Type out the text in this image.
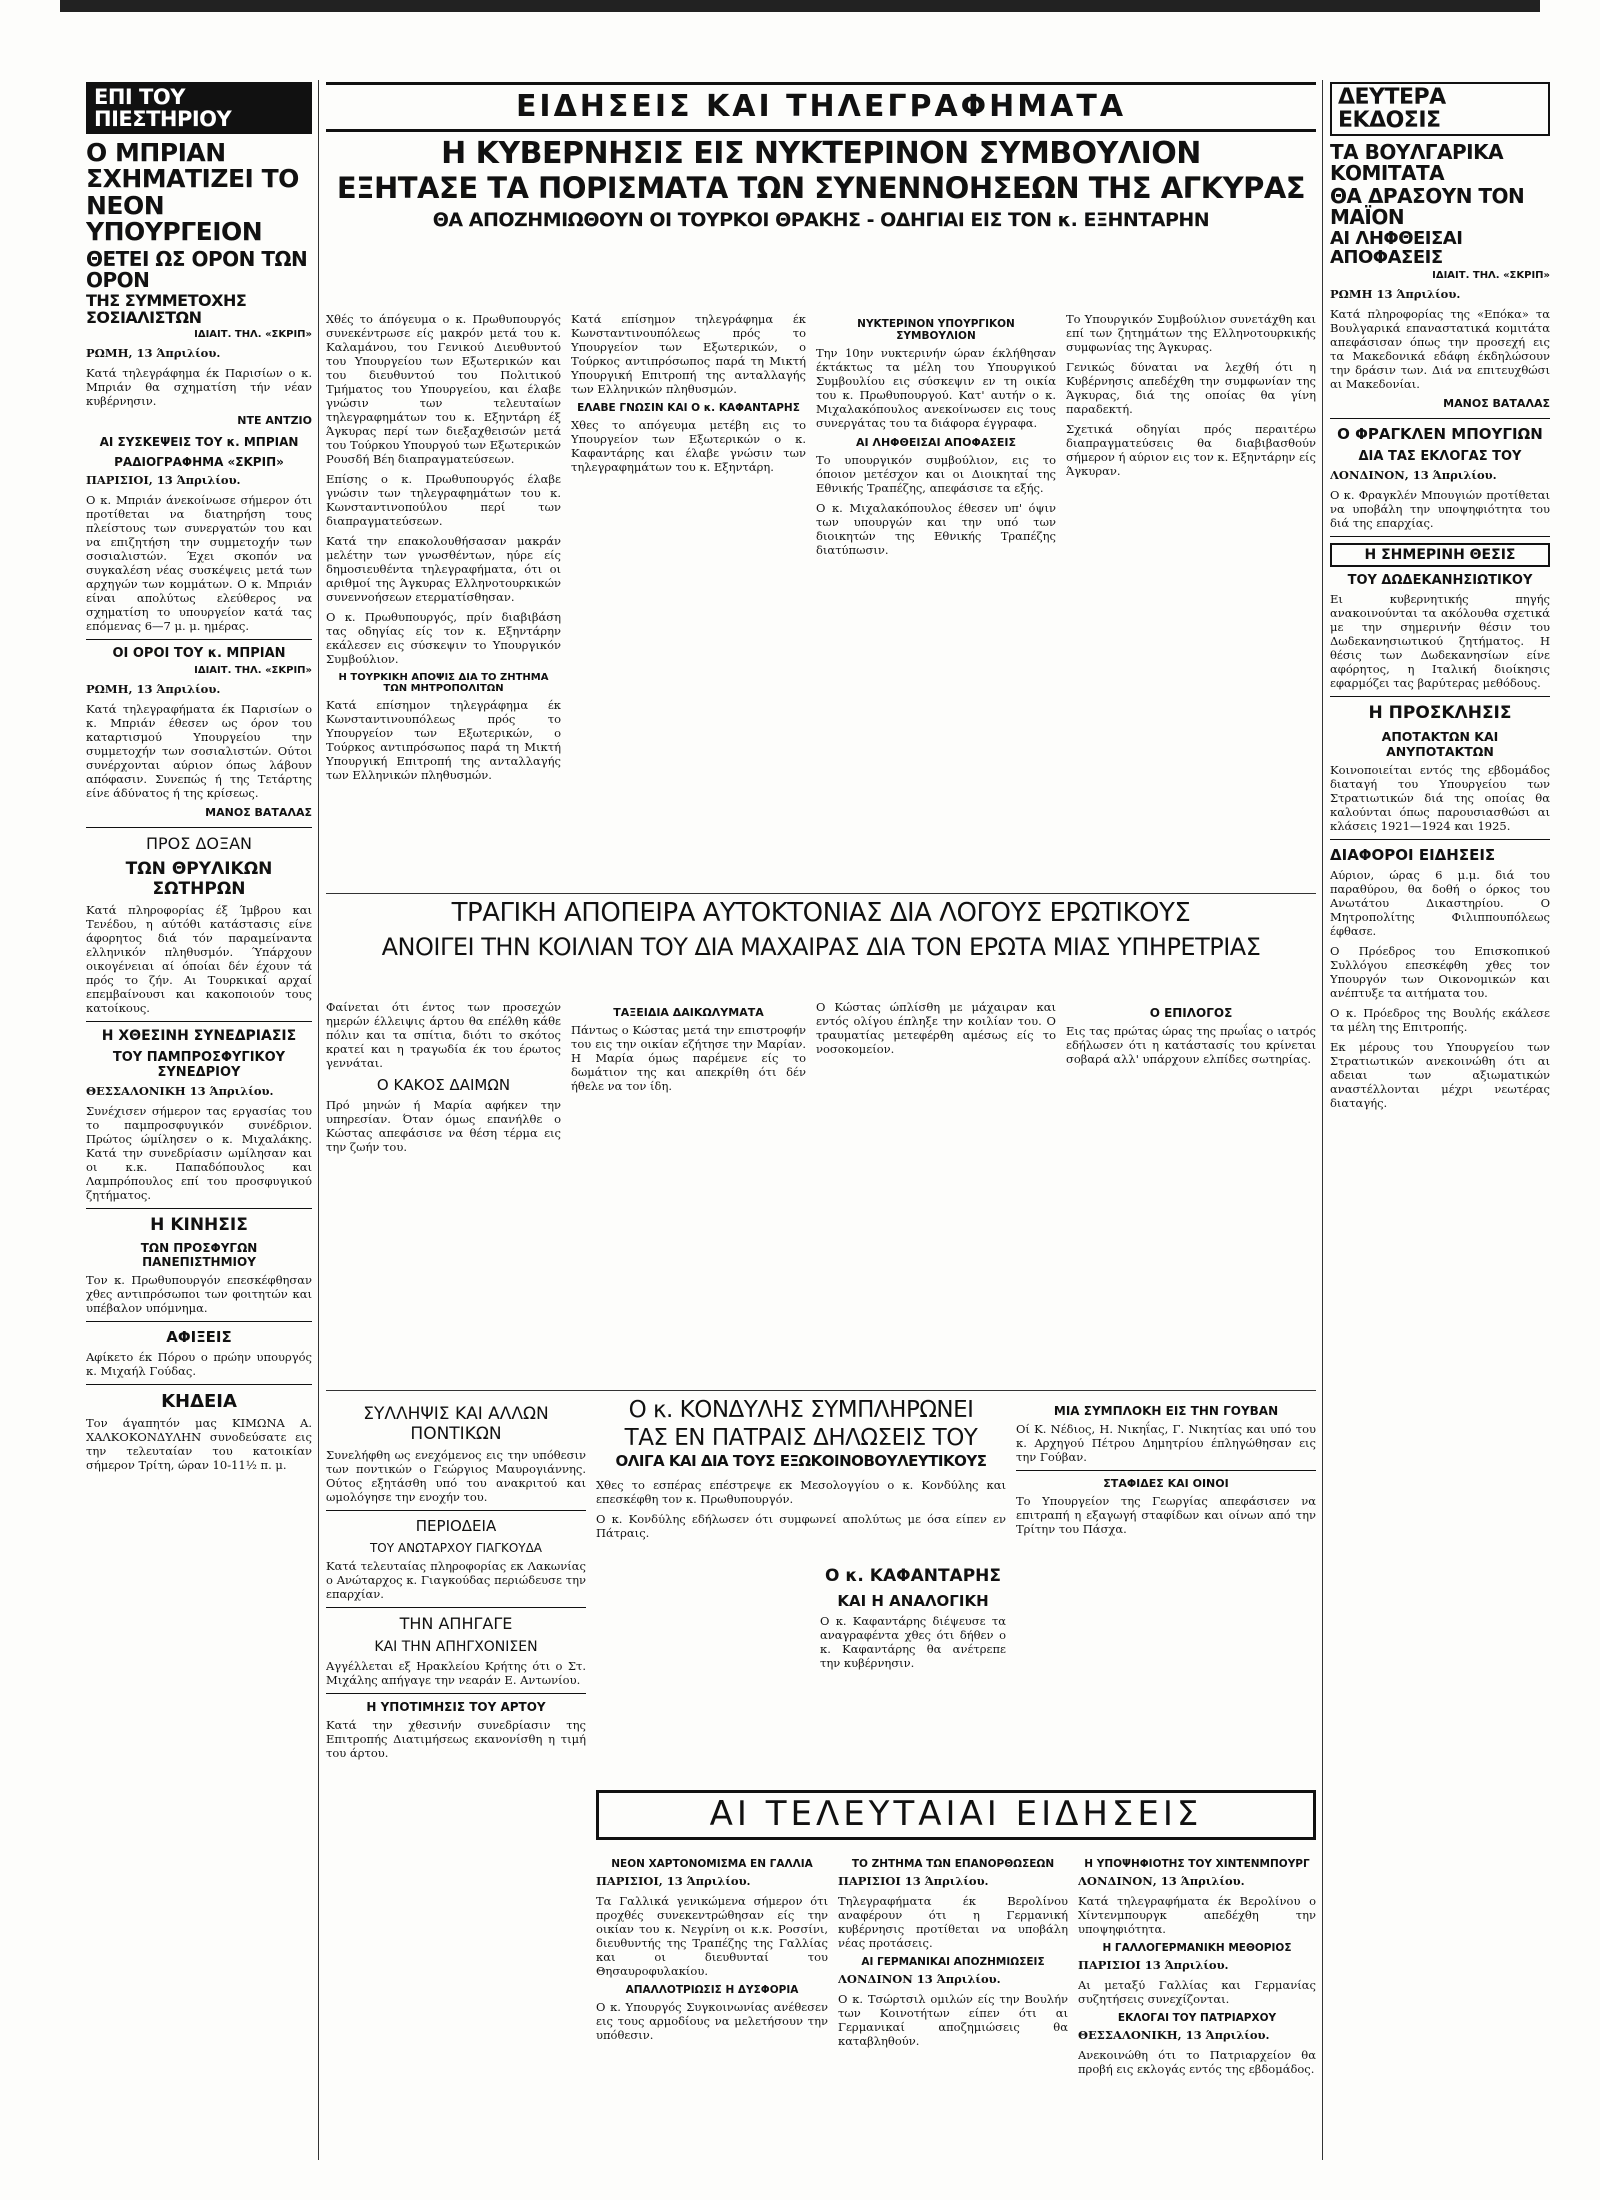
ΕΠΙ ΤΟΥ ΠΙΕΣΤΗΡΙΟΥ
Ο ΜΠΡΙΑΝ ΣΧΗΜΑΤΙΖΕΙ ΤΟ ΝΕΟΝ ΥΠΟΥΡΓΕΙΟΝ
ΘΕΤΕΙ ΩΣ ΟΡΟΝ ΤΩΝ ΟΡΟΝ
ΤΗΣ ΣΥΜΜΕΤΟΧΗΣ ΣΟΣΙΑΛΙΣΤΩΝ
ΙΔΙΑΙΤ. ΤΗΛ. «ΣΚΡΙΠ»

ΡΩΜΗ, 13 Άπριλίου.

Κατά τηλεγράφημα έκ Παρισίων ο κ. Μπριάν θα σχηματίση τήν νέαν κυβέρνησιν.

ΝΤΕ ΑΝΤΖΙΟ
ΑΙ ΣΥΣΚΕΨΕΙΣ ΤΟΥ κ. ΜΠΡΙΑΝ
ΡΑΔΙΟΓΡΑΦΗΜΑ «ΣΚΡΙΠ»

ΠΑΡΙΣΙΟΙ, 13 Άπριλίου.

Ο κ. Μπριάν άνεκοίνωσε σήμερον ότι προτίθεται να διατηρήση τους πλείστους των συνεργατών του και να επιζητήση την συμμετοχήν των σοσιαλιστών. Έχει σκοπόν να συγκαλέση νέας συσκέψεις μετά των αρχηγών των κομμάτων. Ο κ. Μπριάν είναι απολύτως ελεύθερος να σχηματίση το υπουργείον κατά τας επόμενας 6—7 μ. μ. ημέρας.

ΟΙ ΟΡΟΙ ΤΟΥ κ. ΜΠΡΙΑΝ
ΙΔΙΑΙΤ. ΤΗΛ. «ΣΚΡΙΠ»

ΡΩΜΗ, 13 Άπριλίου.

Κατά τηλεγραφήματα έκ Παρισίων ο κ. Μπριάν έθεσεν ως όρον του καταρτισμού Υπουργείου την συμμετοχήν των σοσιαλιστών. Ούτοι συνέρχονται αύριον όπως λάβουν απόφασιν. Συνεπώς ή της Τετάρτης είνε άδύνατος ή της κρίσεως.

ΜΑΝΟΣ ΒΑΤΑΛΑΣ
ΠΡΟΣ ΔΟΞΑΝ
ΤΩΝ ΘΡΥΛΙΚΩΝ ΣΩΤΗΡΩΝ

Κατά πληροφορίας έξ Ίμβρου και Τενέδου, η αύτόθι κατάστασις είνε άφορητος διά τόν παραμείναντα ελληνικόν πληθυσμόν. Ύπάρχουν οικογένειαι αί όποίαι δέν έχουν τά πρός το ζήν. Αι Τουρκικαί αρχαί επεμβαίνουσι και κακοποιούν τους κατοίκους.

Η ΧΘΕΣΙΝΗ ΣΥΝΕΔΡΙΑΣΙΣ
ΤΟΥ ΠΑΜΠΡΟΣΦΥΓΙΚΟΥ ΣΥΝΕΔΡΙΟΥ

ΘΕΣΣΑΛΟΝΙΚΗ 13 Άπριλίου.

Συνέχισεν σήμερον τας εργασίας του το παμπροσφυγικόν συνέδριον. Πρώτος ώμίλησεν ο κ. Μιχαλάκης. Κατά την συνεδρίασιν ωμίλησαν και οι κ.κ. Παπαδόπουλος και Λαμπρόπουλος επί του προσφυγικού ζητήματος.

Η ΚΙΝΗΣΙΣ
ΤΩΝ ΠΡΟΣΦΥΓΩΝ ΠΑΝΕΠΙΣΤΗΜΙΟΥ

Τον κ. Πρωθυπουργόν επεσκέφθησαν χθες αντιπρόσωποι των φοιτητών και υπέβαλον υπόμνημα.

ΑΦΙΞΕΙΣ

Αφίκετο έκ Πόρου ο πρώην υπουργός κ. Μιχαήλ Γούδας.

ΚΗΔΕΙΑ

Τον άγαπητόν μας ΚΙΜΩΝΑ Α. ΧΑΛΚΟΚΟΝΔΥΛΗΝ συνοδεύσατε εις την τελευταίαν του κατοικίαν σήμερον Τρίτη, ώραν 10-11½ π. μ.

ΕΙΔΗΣΕΙΣ ΚΑΙ ΤΗΛΕΓΡΑΦΗΜΑΤΑ
Η ΚΥΒΕΡΝΗΣΙΣ ΕΙΣ ΝΥΚΤΕΡΙΝΟΝ ΣΥΜΒΟΥΛΙΟΝ
ΕΞΗΤΑΣΕ ΤΑ ΠΟΡΙΣΜΑΤΑ ΤΩΝ ΣΥΝΕΝΝΟΗΣΕΩΝ ΤΗΣ ΑΓΚΥΡΑΣ
ΘΑ ΑΠΟΖΗΜΙΩΘΟΥΝ ΟΙ ΤΟΥΡΚΟΙ ΘΡΑΚΗΣ - ΟΔΗΓΙΑΙ ΕΙΣ ΤΟΝ κ. ΕΞΗΝΤΑΡΗΝ

Χθές το άπόγευμα ο κ. Πρωθυπουργός συνεκέντρωσε είς μακρόν μετά του κ. Καλαμάνου, του Γενικού Διευθυντού του Υπουργείου των Εξωτερικών και του διευθυντού του Πολιτικού Τμήματος του Υπουργείου, και έλαβε γνώσιν των τελευταίων τηλεγραφημάτων του κ. Εξηντάρη έξ Άγκυρας περί των διεξαχθεισών μετά του Τούρκου Υπουργού των Εξωτερικών Ρουσδή Βέη διαπραγματεύσεων.

Επίσης ο κ. Πρωθυπουργός έλαβε γνώσιν των τηλεγραφημάτων του κ. Κωνσταντινοπούλου περί των διαπραγματεύσεων.

Κατά την επακολουθήσασαν μακράν μελέτην των γνωσθέντων, ηύρε είς δημοσιευθέντα τηλεγραφήματα, ότι οι αριθμοί της Άγκυρας Ελληνοτουρκικών συνεννοήσεων ετερματίσθησαν.

Ο κ. Πρωθυπουργός, πρίν διαβιβάση τας οδηγίας είς τον κ. Εξηντάρην εκάλεσεν εις σύσκεψιν το Υπουργικόν Συμβούλιον.

Η ΤΟΥΡΚΙΚΗ ΑΠΟΨΙΣ ΔΙΑ ΤΟ ΖΗΤΗΜΑ ΤΩΝ ΜΗΤΡΟΠΟΛΙΤΩΝ

Κατά επίσημον τηλεγράφημα έκ Κωνσταντινουπόλεως πρός το Υπουργείον των Εξωτερικών, ο Τούρκος αντιπρόσωπος παρά τη Μικτή Υπουργική Επιτροπή της ανταλλαγής των Ελληνικών πληθυσμών.

Κατά επίσημον τηλεγράφημα έκ Κωνσταντινουπόλεως πρός το Υπουργείον των Εξωτερικών, ο Τούρκος αντιπρόσωπος παρά τη Μικτή Υπουργική Επιτροπή της ανταλλαγής των Ελληνικών πληθυσμών.

ΕΛΑΒΕ ΓΝΩΣΙΝ ΚΑΙ Ο κ. ΚΑΦΑΝΤΑΡΗΣ

Χθες το απόγευμα μετέβη εις το Υπουργείον των Εξωτερικών ο κ. Καφαντάρης και έλαβε γνώσιν των τηλεγραφημάτων του κ. Εξηντάρη.

ΝΥΚΤΕΡΙΝΟΝ ΥΠΟΥΡΓΙΚΟΝ ΣΥΜΒΟΥΛΙΟΝ

Την 10ην νυκτερινήν ώραν έκλήθησαν έκτάκτως τα μέλη του Υπουργικού Συμβουλίου εις σύσκεψιν εν τη οικία του κ. Πρωθυπουργού. Κατ' αυτήν ο κ. Μιχαλακόπουλος ανεκοίνωσεν εις τους συνεργάτας του τα διάφορα έγγραφα.

ΑΙ ΛΗΦΘΕΙΣΑΙ ΑΠΟΦΑΣΕΙΣ

Το υπουργικόν συμβούλιον, εις το όποιον μετέσχον και οι Διοικηταί της Εθνικής Τραπέζης, απεφάσισε τα εξής.

Ο κ. Μιχαλακόπουλος έθεσεν υπ' όψιν των υπουργών και την υπό των διοικητών της Εθνικής Τραπέζης διατύπωσιν.

Το Υπουργικόν Συμβούλιον συνετάχθη και επί των ζητημάτων της Ελληνοτουρκικής συμφωνίας της Άγκυρας.

Γενικώς δύναται να λεχθή ότι η Κυβέρνησις απεδέχθη την συμφωνίαν της Άγκυρας, διά της οποίας θα γίνη παραδεκτή.

Σχετικά οδηγίαι πρός περαιτέρω διαπραγματεύσεις θα διαβιβασθούν σήμερον ή αύριον εις τον κ. Εξηντάρην είς Άγκυραν.

ΤΡΑΓΙΚΗ ΑΠΟΠΕΙΡΑ ΑΥΤΟΚΤΟΝΙΑΣ ΔΙΑ ΛΟΓΟΥΣ ΕΡΩΤΙΚΟΥΣ
ΑΝΟΙΓΕΙ ΤΗΝ ΚΟΙΛΙΑΝ ΤΟΥ ΔΙΑ ΜΑΧΑΙΡΑΣ ΔΙΑ ΤΟΝ ΕΡΩΤΑ ΜΙΑΣ ΥΠΗΡΕΤΡΙΑΣ

Φαίνεται ότι έντος των προσεχών ημερών έλλειψις άρτου θα επέλθη κάθε πόλιν και τα σπίτια, διότι το σκότος κρατεί και η τραγωδία έκ του έρωτος γεννάται.

Ο ΚΑΚΟΣ ΔΑΙΜΩΝ

Πρό μηνών ή Μαρία αφήκεν την υπηρεσίαν. Όταν όμως επανήλθε ο Κώστας απεφάσισε να θέση τέρμα εις την ζωήν του.

ΤΑΞΕΙΔΙΑ ΔΑΙΚΩΛΥΜΑΤΑ

Πάντως ο Κώστας μετά την επιστροφήν του εις την οικίαν εζήτησε την Μαρίαν. Η Μαρία όμως παρέμενε είς το δωμάτιον της και απεκρίθη ότι δέν ήθελε να τον ίδη.

Ο Κώστας ώπλίσθη με μάχαιραν και εντός ολίγου έπληξε την κοιλίαν του. Ο τραυματίας μετεφέρθη αμέσως είς το νοσοκομείον.

Ο ΕΠΙΛΟΓΟΣ

Εις τας πρώτας ώρας της πρωΐας ο ιατρός εδήλωσεν ότι η κατάστασίς του κρίνεται σοβαρά αλλ' υπάρχουν ελπίδες σωτηρίας.

ΣΥΛΛΗΨΙΣ ΚΑΙ ΑΛΛΩΝ ΠΟΝΤΙΚΩΝ

Συνελήφθη ως ενεχόμενος εις την υπόθεσιν των ποντικών ο Γεώργιος Μαυρογιάννης. Ούτος εξητάσθη υπό του ανακριτού και ωμολόγησε την ενοχήν του.

ΠΕΡΙΟΔΕΙΑ
ΤΟΥ ΑΝΩΤΑΡΧΟΥ ΓΙΑΓΚΟΥΔΑ

Κατά τελευταίας πληροφορίας εκ Λακωνίας ο Ανώταρχος κ. Γιαγκούδας περιώδευσε την επαρχίαν.

ΤΗΝ ΑΠΗΓΑΓΕ
ΚΑΙ ΤΗΝ ΑΠΗΓΧΟΝΙΣΕΝ

Αγγέλλεται εξ Ηρακλείου Κρήτης ότι ο Στ. Μιχάλης απήγαγε την νεαράν Ε. Αντωνίου.

Η ΥΠΟΤΙΜΗΣΙΣ ΤΟΥ ΑΡΤΟΥ

Κατά την χθεσινήν συνεδρίασιν της Επιτροπής Διατιμήσεως εκανονίσθη η τιμή του άρτου.

Ο κ. ΚΟΝΔΥΛΗΣ ΣΥΜΠΛΗΡΩΝΕΙ
ΤΑΣ ΕΝ ΠΑΤΡΑΙΣ ΔΗΛΩΣΕΙΣ ΤΟΥ
ΟΛΙΓΑ ΚΑΙ ΔΙΑ ΤΟΥΣ ΕΞΩΚΟΙΝΟΒΟΥΛΕΥΤΙΚΟΥΣ

Χθες το εσπέρας επέστρεψε εκ Μεσολογγίου ο κ. Κονδύλης και επεσκέφθη τον κ. Πρωθυπουργόν.

Ο κ. Κονδύλης εδήλωσεν ότι συμφωνεί απολύτως με όσα είπεν εν Πάτραις.

ΜΙΑ ΣΥΜΠΛΟΚΗ ΕΙΣ ΤΗΝ ΓΟΥΒΑΝ

Οί Κ. Νέδιος, Η. Νικηΐας, Γ. Νικητίας και υπό του κ. Αρχηγού Πέτρου Δημητρίου έπληγώθησαν εις την Γούβαν.

ΣΤΑΦΙΔΕΣ ΚΑΙ ΟΙΝΟΙ

Το Υπουργείον της Γεωργίας απεφάσισεν να επιτραπή η εξαγωγή σταφίδων και οίνων από την Τρίτην του Πάσχα.

Ο κ. ΚΑΦΑΝΤΑΡΗΣ
ΚΑΙ Η ΑΝΑΛΟΓΙΚΗ

Ο κ. Καφαντάρης διέψευσε τα αναγραφέντα χθες ότι δήθεν ο κ. Καφαντάρης θα ανέτρεπε την κυβέρνησιν.

ΑΙ ΤΕΛΕΥΤΑΙΑΙ ΕΙΔΗΣΕΙΣ
ΝΕΟΝ ΧΑΡΤΟΝΟΜΙΣΜΑ ΕΝ ΓΑΛΛΙΑ

ΠΑΡΙΣΙΟΙ, 13 Άπριλίου.

Τα Γαλλικά γενικώμενα σήμερον ότι προχθές συνεκεντρώθησαν είς την οικίαν του κ. Νεγρίνη οι κ.κ. Ροσσίνι, διευθυντής της Τραπέζης της Γαλλίας και οι διευθυνταί του Θησαυροφυλακίου.

ΑΠΑΛΛΟΤΡΙΩΣΙΣ Η ΔΥΣΦΟΡΙΑ

Ο κ. Υπουργός Συγκοινωνίας ανέθεσεν εις τους αρμοδίους να μελετήσουν την υπόθεσιν.

ΤΟ ΖΗΤΗΜΑ ΤΩΝ ΕΠΑΝΟΡΘΩΣΕΩΝ

ΠΑΡΙΣΙΟΙ 13 Άπριλίου.

Τηλεγραφήματα έκ Βερολίνου αναφέρουν ότι η Γερμανική κυβέρνησις προτίθεται να υποβάλη νέας προτάσεις.

ΑΙ ΓΕΡΜΑΝΙΚΑΙ ΑΠΟΖΗΜΙΩΣΕΙΣ

ΛΟΝΔΙΝΟΝ 13 Άπριλίου.

Ο κ. Τσώρτσιλ ομιλών είς την Βουλήν των Κοινοτήτων είπεν ότι αι Γερμανικαί αποζημιώσεις θα καταβληθούν.

Η ΥΠΟΨΗΦΙΟΤΗΣ ΤΟΥ ΧΙΝΤΕΝΜΠΟΥΡΓ

ΛΟΝΔΙΝΟΝ, 13 Άπριλίου.

Κατά τηλεγραφήματα έκ Βερολίνου ο Χίντενμπουργκ απεδέχθη την υποψηφιότητα.

Η ΓΑΛΛΟΓΕΡΜΑΝΙΚΗ ΜΕΘΟΡΙΟΣ

ΠΑΡΙΣΙΟΙ 13 Άπριλίου.

Αι μεταξύ Γαλλίας και Γερμανίας συζητήσεις συνεχίζονται.

ΕΚΛΟΓΑΙ ΤΟΥ ΠΑΤΡΙΑΡΧΟΥ

ΘΕΣΣΑΛΟΝΙΚΗ, 13 Άπριλίου.

Ανεκοινώθη ότι το Πατριαρχείον θα προβή εις εκλογάς εντός της εβδομάδος.

ΔΕΥΤΕΡΑ ΕΚΔΟΣΙΣ
ΤΑ ΒΟΥΛΓΑΡΙΚΑ ΚΟΜΙΤΑΤΑ
ΘΑ ΔΡΑΣΟΥΝ ΤΟΝ ΜΑΪΟΝ
ΑΙ ΛΗΦΘΕΙΣΑΙ ΑΠΟΦΑΣΕΙΣ
ΙΔΙΑΙΤ. ΤΗΛ. «ΣΚΡΙΠ»

ΡΩΜΗ 13 Άπριλίου.

Κατά πληροφορίας της «Επόκα» τα Βουλγαρικά επαναστατικά κομιτάτα απεφάσισαν όπως την προσεχή εις τα Μακεδονικά εδάφη έκδηλώσουν την δράσιν των. Διά να επιτευχθώσι αι Μακεδονίαι.

ΜΑΝΟΣ ΒΑΤΑΛΑΣ
Ο ΦΡΑΓΚΛΕΝ ΜΠΟΥΓΙΩΝ
ΔΙΑ ΤΑΣ ΕΚΛΟΓΑΣ ΤΟΥ

ΛΟΝΔΙΝΟΝ, 13 Άπριλίου.

Ο κ. Φραγκλέν Μπουγιών προτίθεται να υποβάλη την υποψηφιότητα του διά της επαρχίας.

Η ΣΗΜΕΡΙΝΗ ΘΕΣΙΣ
ΤΟΥ ΔΩΔΕΚΑΝΗΣΙΩΤΙΚΟΥ

Ει κυβερνητικής πηγής ανακοινούνται τα ακόλουθα σχετικά με την σημερινήν θέσιν του Δωδεκανησιωτικού ζητήματος. Η θέσις των Δωδεκανησίων είνε αφόρητος, η Ιταλική διοίκησις εφαρμόζει τας βαρύτερας μεθόδους.

Η ΠΡΟΣΚΛΗΣΙΣ
ΑΠΟΤΑΚΤΩΝ ΚΑΙ ΑΝΥΠΟΤΑΚΤΩΝ

Κοινοποιείται εντός της εβδομάδος διαταγή του Υπουργείου των Στρατιωτικών διά της οποίας θα καλούνται όπως παρουσιασθώσι αι κλάσεις 1921—1924 και 1925.

ΔΙΑΦΟΡΟΙ ΕΙΔΗΣΕΙΣ

Αύριον, ώρας 6 μ.μ. διά του παραθύρου, θα δοθή ο όρκος του Ανωτάτου Δικαστηρίου. Ο Μητροπολίτης Φιλιππουπόλεως έφθασε.

Ο Πρόεδρος του Επισκοπικού Συλλόγου επεσκέφθη χθες τον Υπουργόν των Οικονομικών και ανέπτυξε τα αιτήματα του.

Ο κ. Πρόεδρος της Βουλής εκάλεσε τα μέλη της Επιτροπής.

Εκ μέρους του Υπουργείου των Στρατιωτικών ανεκοινώθη ότι αι αδειαι των αξιωματικών αναστέλλονται μέχρι νεωτέρας διαταγής.
